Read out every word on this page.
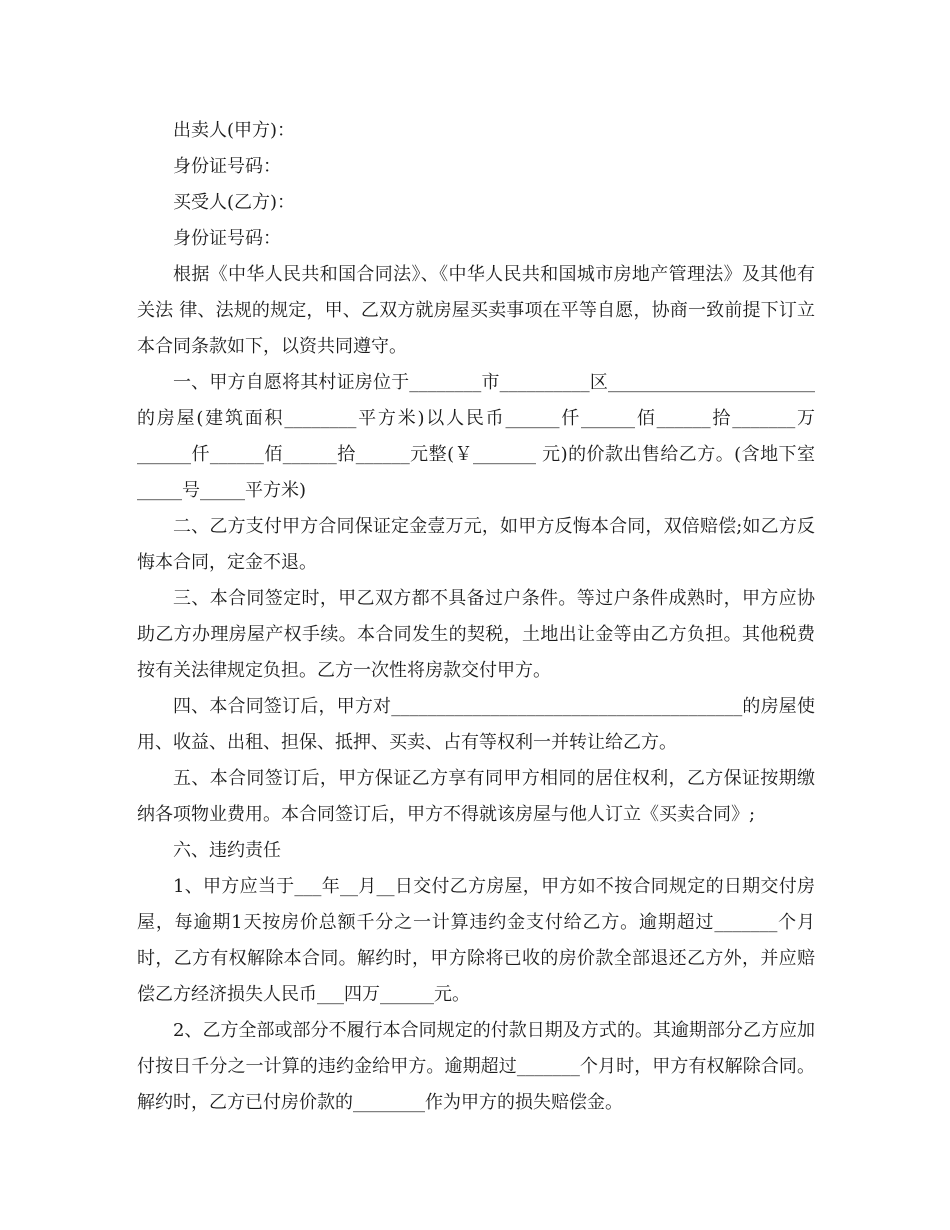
出卖人(甲方)：

身份证号码：

买受人(乙方)：

身份证号码：

根据《中华人民共和国合同法》、《中华人民共和国城市房地产管理法》及其他有关法 律、法规的规定，甲、乙双方就房屋买卖事项在平等自愿，协商一致前提下订立本合同条款如下，以资共同遵守。

一、甲方自愿将其村证房位于________市__________区_______________________的房屋(建筑面积________平方米)以人民币______仟______佰______拾_______万______仟______佰______拾______元整(￥_______ 元)的价款出售给乙方。(含地下室_____号_____平方米)

二、乙方支付甲方合同保证定金壹万元，如甲方反悔本合同，双倍赔偿;如乙方反悔本合同，定金不退。

三、本合同签定时，甲乙双方都不具备过户条件。等过户条件成熟时，甲方应协助乙方办理房屋产权手续。本合同发生的契税，土地出让金等由乙方负担。其他税费按有关法律规定负担。乙方一次性将房款交付甲方。

四、本合同签订后，甲方对_______________________________________的房屋使用、收益、出租、担保、抵押、买卖、占有等权利一并转让给乙方。

五、本合同签订后，甲方保证乙方享有同甲方相同的居住权利，乙方保证按期缴纳各项物业费用。本合同签订后，甲方不得就该房屋与他人订立《买卖合同》;

六、违约责任

1、甲方应当于___年__月__日交付乙方房屋，甲方如不按合同规定的日期交付房屋，每逾期1天按房价总额千分之一计算违约金支付给乙方。逾期超过_______个月时，乙方有权解除本合同。解约时，甲方除将已收的房价款全部退还乙方外，并应赔偿乙方经济损失人民币___四万______元。

2、乙方全部或部分不履行本合同规定的付款日期及方式的。其逾期部分乙方应加付按日千分之一计算的违约金给甲方。逾期超过_______个月时，甲方有权解除合同。解约时，乙方已付房价款的________作为甲方的损失赔偿金。
